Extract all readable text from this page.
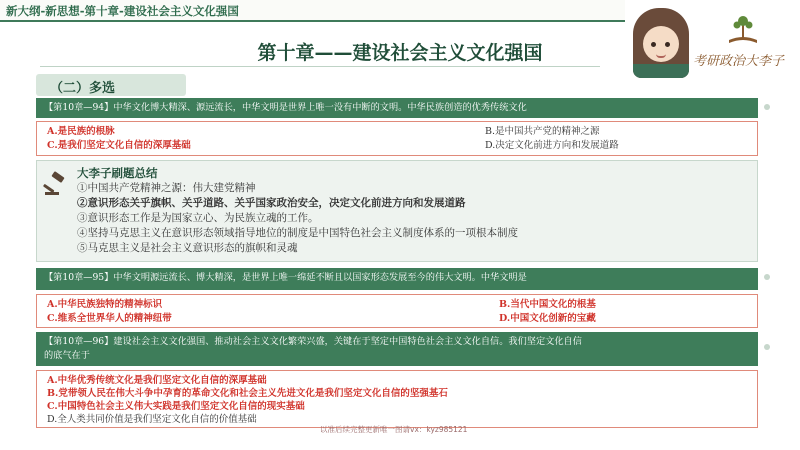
新大纲-新思想-第十章-建设社会主义文化强国
考研政治大李子
第十章——建设社会主义文化强国
（二）多选
【第10章—94】中华文化博大精深、源远流长，中华文明是世界上唯一没有中断的文明。中华民族创造的优秀传统文化
A.是民族的根脉	B.是中国共产党的精神之源
C.是我们坚定文化自信的深厚基础	D.决定文化前进方向和发展道路
大李子刷题总结
①中国共产党精神之源：伟大建党精神
②意识形态关乎旗帜、关乎道路、关乎国家政治安全，决定文化前进方向和发展道路
③意识形态工作是为国家立心、为民族立魂的工作。
④坚持马克思主义在意识形态领域指导地位的制度是中国特色社会主义制度体系的一项根本制度
⑤马克思主义是社会主义意识形态的旗帜和灵魂
【第10章—95】中华文明源远流长、博大精深，是世界上唯一绵延不断且以国家形态发展至今的伟大文明。中华文明是
A.中华民族独特的精神标识	B.当代中国文化的根基
C.维系全世界华人的精神纽带	D.中国文化创新的宝藏
【第10章—96】建设社会主义文化强国、推动社会主义文化繁荣兴盛，关键在于坚定中国特色社会主义文化自信。我们坚定文化自信
的底气在于
A.中华优秀传统文化是我们坚定文化自信的深厚基础
B.党带领人民在伟大斗争中孕育的革命文化和社会主义先进文化是我们坚定文化自信的坚强基石
C.中国特色社会主义伟大实践是我们坚定文化自信的现实基础
D.全人类共同价值是我们坚定文化自信的价值基础
以准后续完整更新唯一图请vx：kyz985121
